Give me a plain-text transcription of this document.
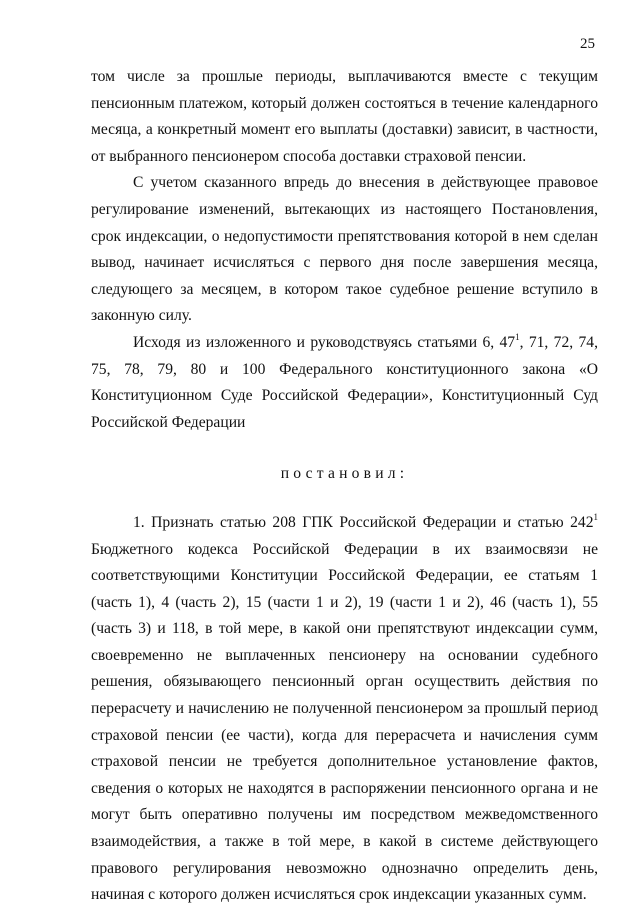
25

том числе за прошлые периоды, выплачиваются вместе с текущим пенсионным платежом, который должен состояться в течение календарного месяца, а конкретный момент его выплаты (доставки) зависит, в частности, от выбранного пенсионером способа доставки страховой пенсии.

С учетом сказанного впредь до внесения в действующее правовое регулирование изменений, вытекающих из настоящего Постановления, срок индексации, о недопустимости препятствования которой в нем сделан вывод, начинает исчисляться с первого дня после завершения месяца, следующего за месяцем, в котором такое судебное решение вступило в законную силу.

Исходя из изложенного и руководствуясь статьями 6, $47^1$, 71, 72, 74, 75, 78, 79, 80 и 100 Федерального конституционного закона «О Конституционном Суде Российской Федерации», Конституционный Суд Российской Федерации

постановил:

1. Признать статью 208 ГПК Российской Федерации и статью $242^1$ Бюджетного кодекса Российской Федерации в их взаимосвязи не соответствующими Конституции Российской Федерации, ее статьям 1 (часть 1), 4 (часть 2), 15 (части 1 и 2), 19 (части 1 и 2), 46 (часть 1), 55 (часть 3) и 118, в той мере, в какой они препятствуют индексации сумм, своевременно не выплаченных пенсионеру на основании судебного решения, обязывающего пенсионный орган осуществить действия по перерасчету и начислению не полученной пенсионером за прошлый период страховой пенсии (ее части), когда для перерасчета и начисления сумм страховой пенсии не требуется дополнительное установление фактов, сведения о которых не находятся в распоряжении пенсионного органа и не могут быть оперативно получены им посредством межведомственного взаимодействия, а также в той мере, в какой в системе действующего правового регулирования невозможно однозначно определить день, начиная с которого должен исчисляться срок индексации указанных сумм.
